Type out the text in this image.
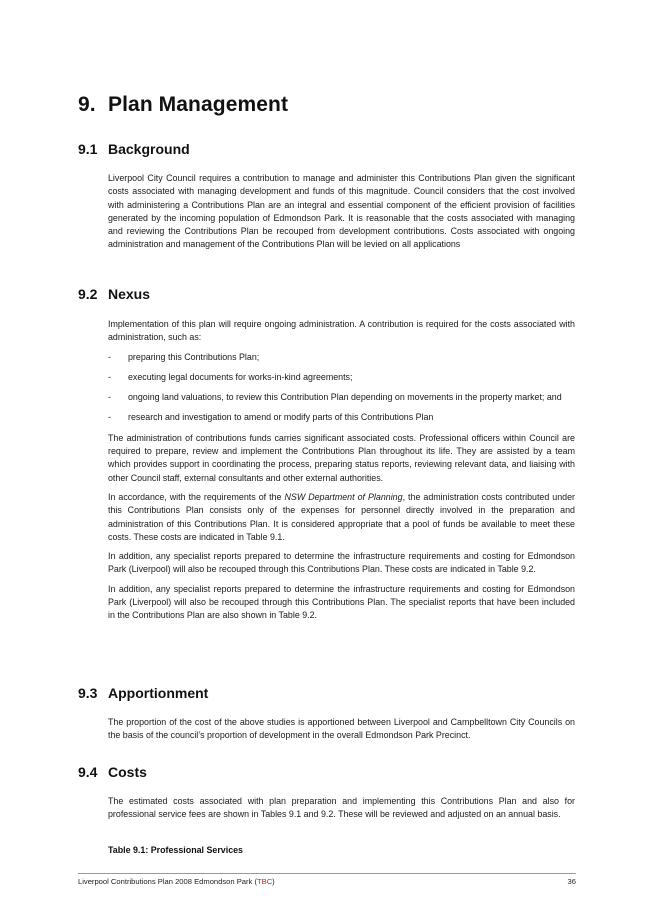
9. Plan Management
9.1 Background

Liverpool City Council requires a contribution to manage and administer this Contributions Plan given the significant costs associated with managing development and funds of this magnitude. Council considers that the cost involved with administering a Contributions Plan are an integral and essential component of the efficient provision of facilities generated by the incoming population of Edmondson Park. It is reasonable that the costs associated with managing and reviewing the Contributions Plan be recouped from development contributions. Costs associated with ongoing administration and management of the Contributions Plan will be levied on all applications

9.2 Nexus

Implementation of this plan will require ongoing administration. A contribution is required for the costs associated with administration, such as:

-	preparing this Contributions Plan;
-	executing legal documents for works-in-kind agreements;
-	ongoing land valuations, to review this Contribution Plan depending on movements in the property market; and
-	research and investigation to amend or modify parts of this Contributions Plan

The administration of contributions funds carries significant associated costs. Professional officers within Council are required to prepare, review and implement the Contributions Plan throughout its life. They are assisted by a team which provides support in coordinating the process, preparing status reports, reviewing relevant data, and liaising with other Council staff, external consultants and other external authorities.

In accordance, with the requirements of the NSW Department of Planning, the administration costs contributed under this Contributions Plan consists only of the expenses for personnel directly involved in the preparation and administration of this Contributions Plan. It is considered appropriate that a pool of funds be available to meet these costs. These costs are indicated in Table 9.1.

In addition, any specialist reports prepared to determine the infrastructure requirements and costing for Edmondson Park (Liverpool) will also be recouped through this Contributions Plan. These costs are indicated in Table 9.2.

In addition, any specialist reports prepared to determine the infrastructure requirements and costing for Edmondson Park (Liverpool) will also be recouped through this Contributions Plan. The specialist reports that have been included in the Contributions Plan are also shown in Table 9.2.

9.3 Apportionment

The proportion of the cost of the above studies is apportioned between Liverpool and Campbelltown City Councils on the basis of the council’s proportion of development in the overall Edmondson Park Precinct.

9.4 Costs

The estimated costs associated with plan preparation and implementing this Contributions Plan and also for professional service fees are shown in Tables 9.1 and 9.2. These will be reviewed and adjusted on an annual basis.

Table 9.1: Professional Services
Liverpool Contributions Plan 2008 Edmondson Park (TBC)	36
